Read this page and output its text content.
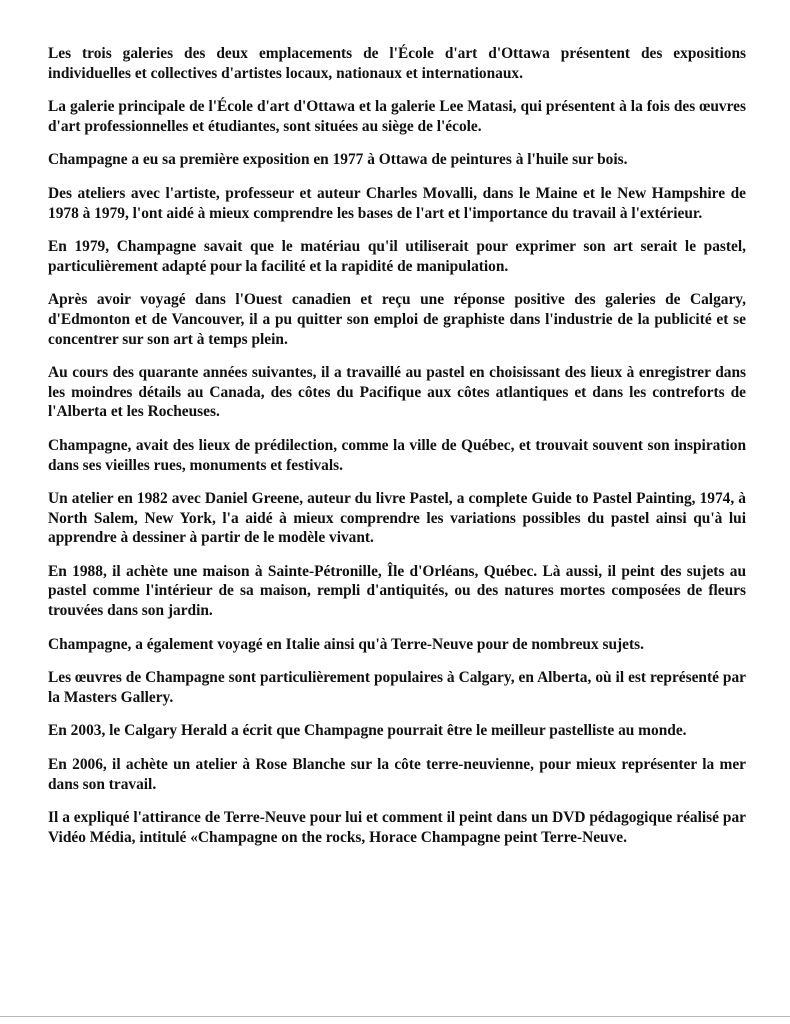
Les trois galeries des deux emplacements de l'École d'art d'Ottawa présentent des expositions individuelles et collectives d'artistes locaux, nationaux et internationaux.

La galerie principale de l'École d'art d'Ottawa et la galerie Lee Matasi, qui présentent à la fois des œuvres d'art professionnelles et étudiantes, sont situées au siège de l'école.

Champagne a eu sa première exposition en 1977 à Ottawa de peintures à l'huile sur bois.

Des ateliers avec l'artiste, professeur et auteur Charles Movalli, dans le Maine et le New Hampshire de 1978 à 1979, l'ont aidé à mieux comprendre les bases de l'art et l'importance du travail à l'extérieur.

En 1979, Champagne savait que le matériau qu'il utiliserait pour exprimer son art serait le pastel, particulièrement adapté pour la facilité et la rapidité de manipulation.

Après avoir voyagé dans l'Ouest canadien et reçu une réponse positive des galeries de Calgary, d'Edmonton et de Vancouver, il a pu quitter son emploi de graphiste dans l'industrie de la publicité et se concentrer sur son art à temps plein.

Au cours des quarante années suivantes, il a travaillé au pastel en choisissant des lieux à enregistrer dans les moindres détails au Canada, des côtes du Pacifique aux côtes atlantiques et dans les contreforts de l'Alberta et les Rocheuses.

Champagne, avait des lieux de prédilection, comme la ville de Québec, et trouvait souvent son inspiration dans ses vieilles rues, monuments et festivals.

Un atelier en 1982 avec Daniel Greene, auteur du livre Pastel, a complete Guide to Pastel Painting, 1974, à North Salem, New York, l'a aidé à mieux comprendre les variations possibles du pastel ainsi qu'à lui apprendre à dessiner à partir de le modèle vivant.

En 1988, il achète une maison à Sainte-Pétronille, Île d'Orléans, Québec. Là aussi, il peint des sujets au pastel comme l'intérieur de sa maison, rempli d'antiquités, ou des natures mortes composées de fleurs trouvées dans son jardin.

Champagne, a également voyagé en Italie ainsi qu'à Terre-Neuve pour de nombreux sujets.

Les œuvres de Champagne sont particulièrement populaires à Calgary, en Alberta, où il est représenté par la Masters Gallery.

En 2003, le Calgary Herald a écrit que Champagne pourrait être le meilleur pastelliste au monde.

En 2006, il achète un atelier à Rose Blanche sur la côte terre-neuvienne, pour mieux représenter la mer dans son travail.

Il a expliqué l'attirance de Terre-Neuve pour lui et comment il peint dans un DVD pédagogique réalisé par Vidéo Média, intitulé «Champagne on the rocks, Horace Champagne peint Terre-Neuve.
